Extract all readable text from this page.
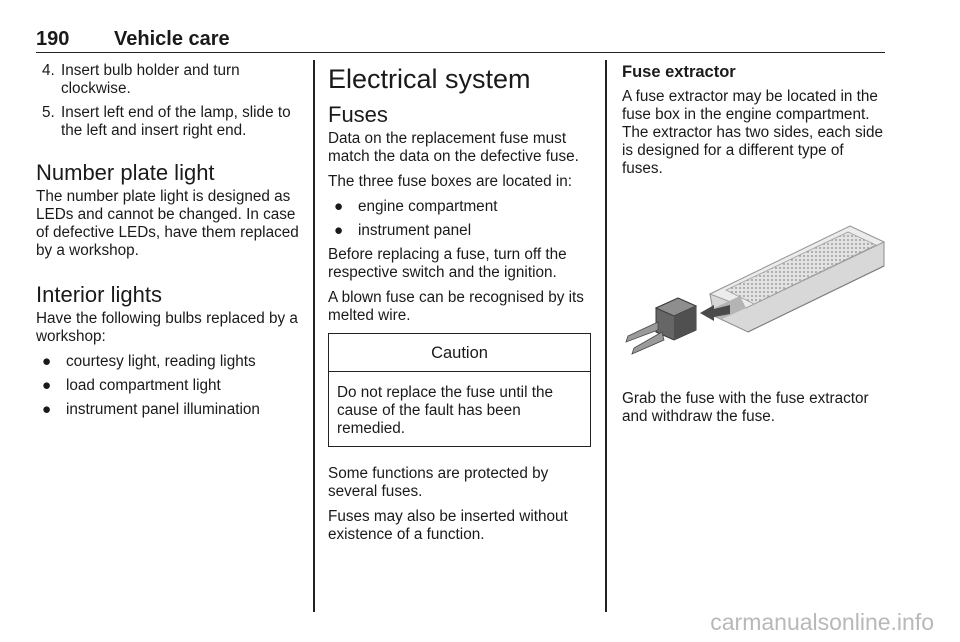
190 Vehicle care
4. Insert bulb holder and turn clockwise.
5. Insert left end of the lamp, slide to the left and insert right end.
Number plate light

The number plate light is designed as LEDs and cannot be changed. In case of defective LEDs, have them replaced by a workshop.

Interior lights

Have the following bulbs replaced by a workshop:

● courtesy light, reading lights
● load compartment light
● instrument panel illumination
Electrical system
Fuses

Data on the replacement fuse must match the data on the defective fuse.

The three fuse boxes are located in:

● engine compartment
● instrument panel

Before replacing a fuse, turn off the respective switch and the ignition.

A blown fuse can be recognised by its melted wire.

Caution
Do not replace the fuse until the cause of the fault has been remedied.

Some functions are protected by several fuses.

Fuses may also be inserted without existence of a function.

Fuse extractor

A fuse extractor may be located in the fuse box in the engine compartment. The extractor has two sides, each side is designed for a different type of fuses.

Grab the fuse with the fuse extractor and withdraw the fuse.

carmanualsonline.info
